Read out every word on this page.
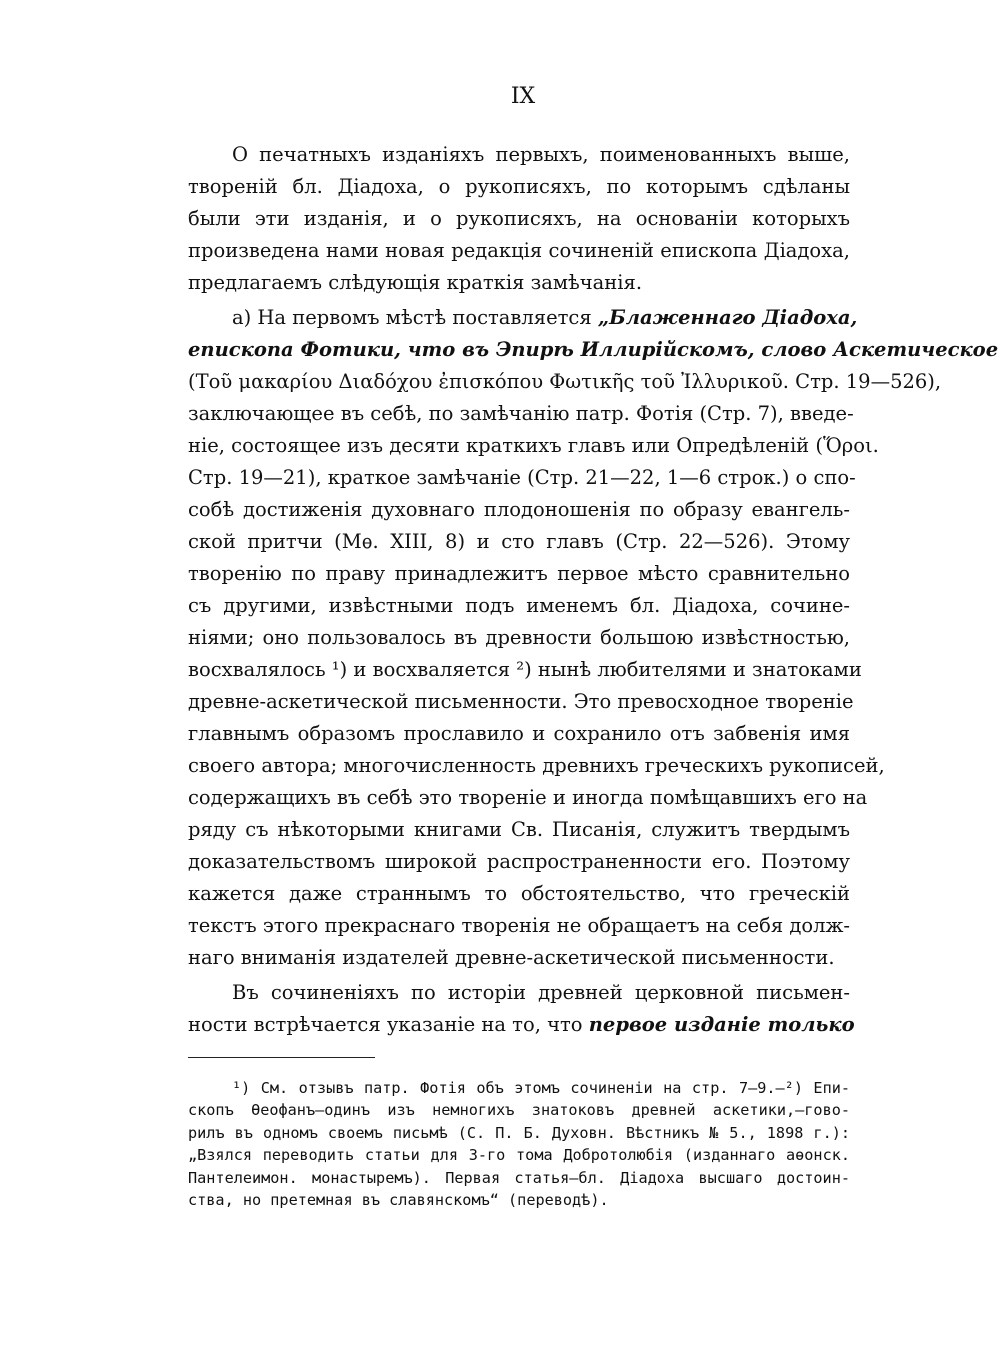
IX
О печатныхъ изданіяхъ первыхъ, поименованныхъ выше,
твореній бл. Діадоха, о рукописяхъ, по которымъ сдѣланы
были эти изданія, и о рукописяхъ, на основаніи которыхъ
произведена нами новая редакція сочиненій епископа Діадоха,
предлагаемъ слѣдующія краткія замѣчанія.
а) На первомъ мѣстѣ поставляется „Блаженнаго Діадоха,
епископа Фотики, что въ Эпирѣ Иллирійскомъ, слово Аскетическое
(Τοῦ μακαρίου Διαδόχου ἐπισκόπου Φωτικῆς τοῦ Ἰλλυρικοῦ. Стр. 19—526),
заключающее въ себѣ, по замѣчанію патр. Фотія (Стр. 7), введе-
ніе, состоящее изъ десяти краткихъ главъ или Опредѣленій (Ὅροι.
Стр. 19—21), краткое замѣчаніе (Стр. 21—22, 1—6 строк.) о спо-
собѣ достиженія духовнаго плодоношенія по образу евангель-
ской притчи (Мѳ. XIII, 8) и сто главъ (Стр. 22—526). Этому
творенію по праву принадлежитъ первое мѣсто сравнительно
съ другими, извѣстными подъ именемъ бл. Діадоха, сочине-
ніями; оно пользовалось въ древности большою извѣстностью,
восхвалялось ¹) и восхваляется ²) нынѣ любителями и знатоками
древне-аскетической письменности. Это превосходное твореніе
главнымъ образомъ прославило и сохранило отъ забвенія имя
своего автора; многочисленность древнихъ греческихъ рукописей,
содержащихъ въ себѣ это твореніе и иногда помѣщавшихъ его на
ряду съ нѣкоторыми книгами Св. Писанія, служитъ твердымъ
доказательствомъ широкой распространенности его. Поэтому
кажется даже страннымъ то обстоятельство, что греческій
текстъ этого прекраснаго творенія не обращаетъ на себя долж-
наго вниманія издателей древне-аскетической письменности.
Въ сочиненіяхъ по исторіи древней церковной письмен-
ности встрѣчается указаніе на то, что первое изданіе только
¹) См. отзывъ патр. Фотія объ этомъ сочиненіи на стр. 7—9.—²) Епи-
скопъ Ѳеофанъ—одинъ изъ немногихъ знатоковъ древней аскетики,—гово-
рилъ въ одномъ своемъ письмѣ (С. П. Б. Духовн. Вѣстникъ № 5., 1898 г.):
„Взялся переводить статьи для 3-го тома Добротолюбія (изданнаго аѳонск.
Пантелеимон. монастыремъ). Первая статья—бл. Діадоха высшаго достоин-
ства, но претемная въ славянскомъ“ (переводѣ).
